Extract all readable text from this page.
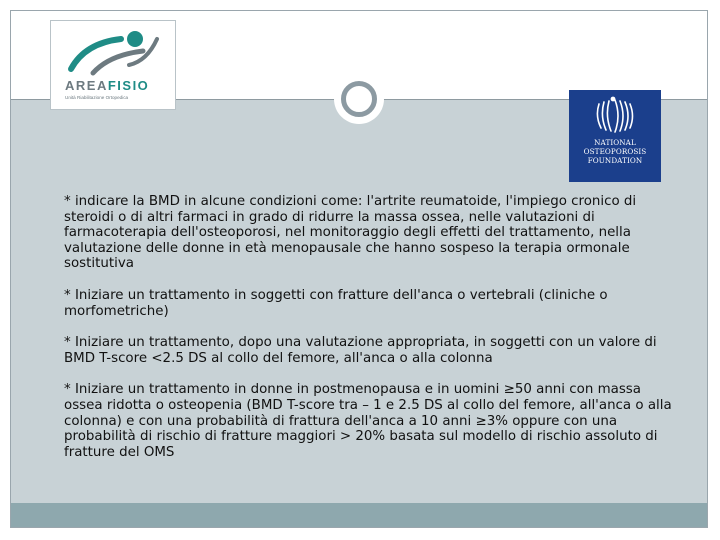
AREAFISIO
Unità Riabilitazione Ortopedica
NATIONAL
OSTEOPOROSIS
FOUNDATION

* indicare la BMD in alcune condizioni come: l'artrite reumatoide, l'impiego cronico di steroidi o di altri farmaci in grado di ridurre la massa ossea, nelle valutazioni di farmacoterapia dell'osteoporosi, nel monitoraggio degli effetti del trattamento, nella valutazione delle donne in età menopausale che hanno sospeso la terapia ormonale sostitutiva

* Iniziare un trattamento in soggetti con fratture dell'anca o vertebrali (cliniche o morfometriche)

* Iniziare un trattamento, dopo una valutazione appropriata, in soggetti con un valore di BMD T-score <2.5 DS al collo del femore, all'anca o alla colonna

* Iniziare un trattamento in donne in postmenopausa e in uomini ≥50 anni con massa ossea ridotta o osteopenia (BMD T-score tra – 1 e 2.5 DS al collo del femore, all'anca o alla colonna) e con una probabilità di frattura dell'anca a 10 anni ≥3% oppure con una probabilità di rischio di fratture maggiori > 20% basata sul modello di rischio assoluto di fratture del OMS
